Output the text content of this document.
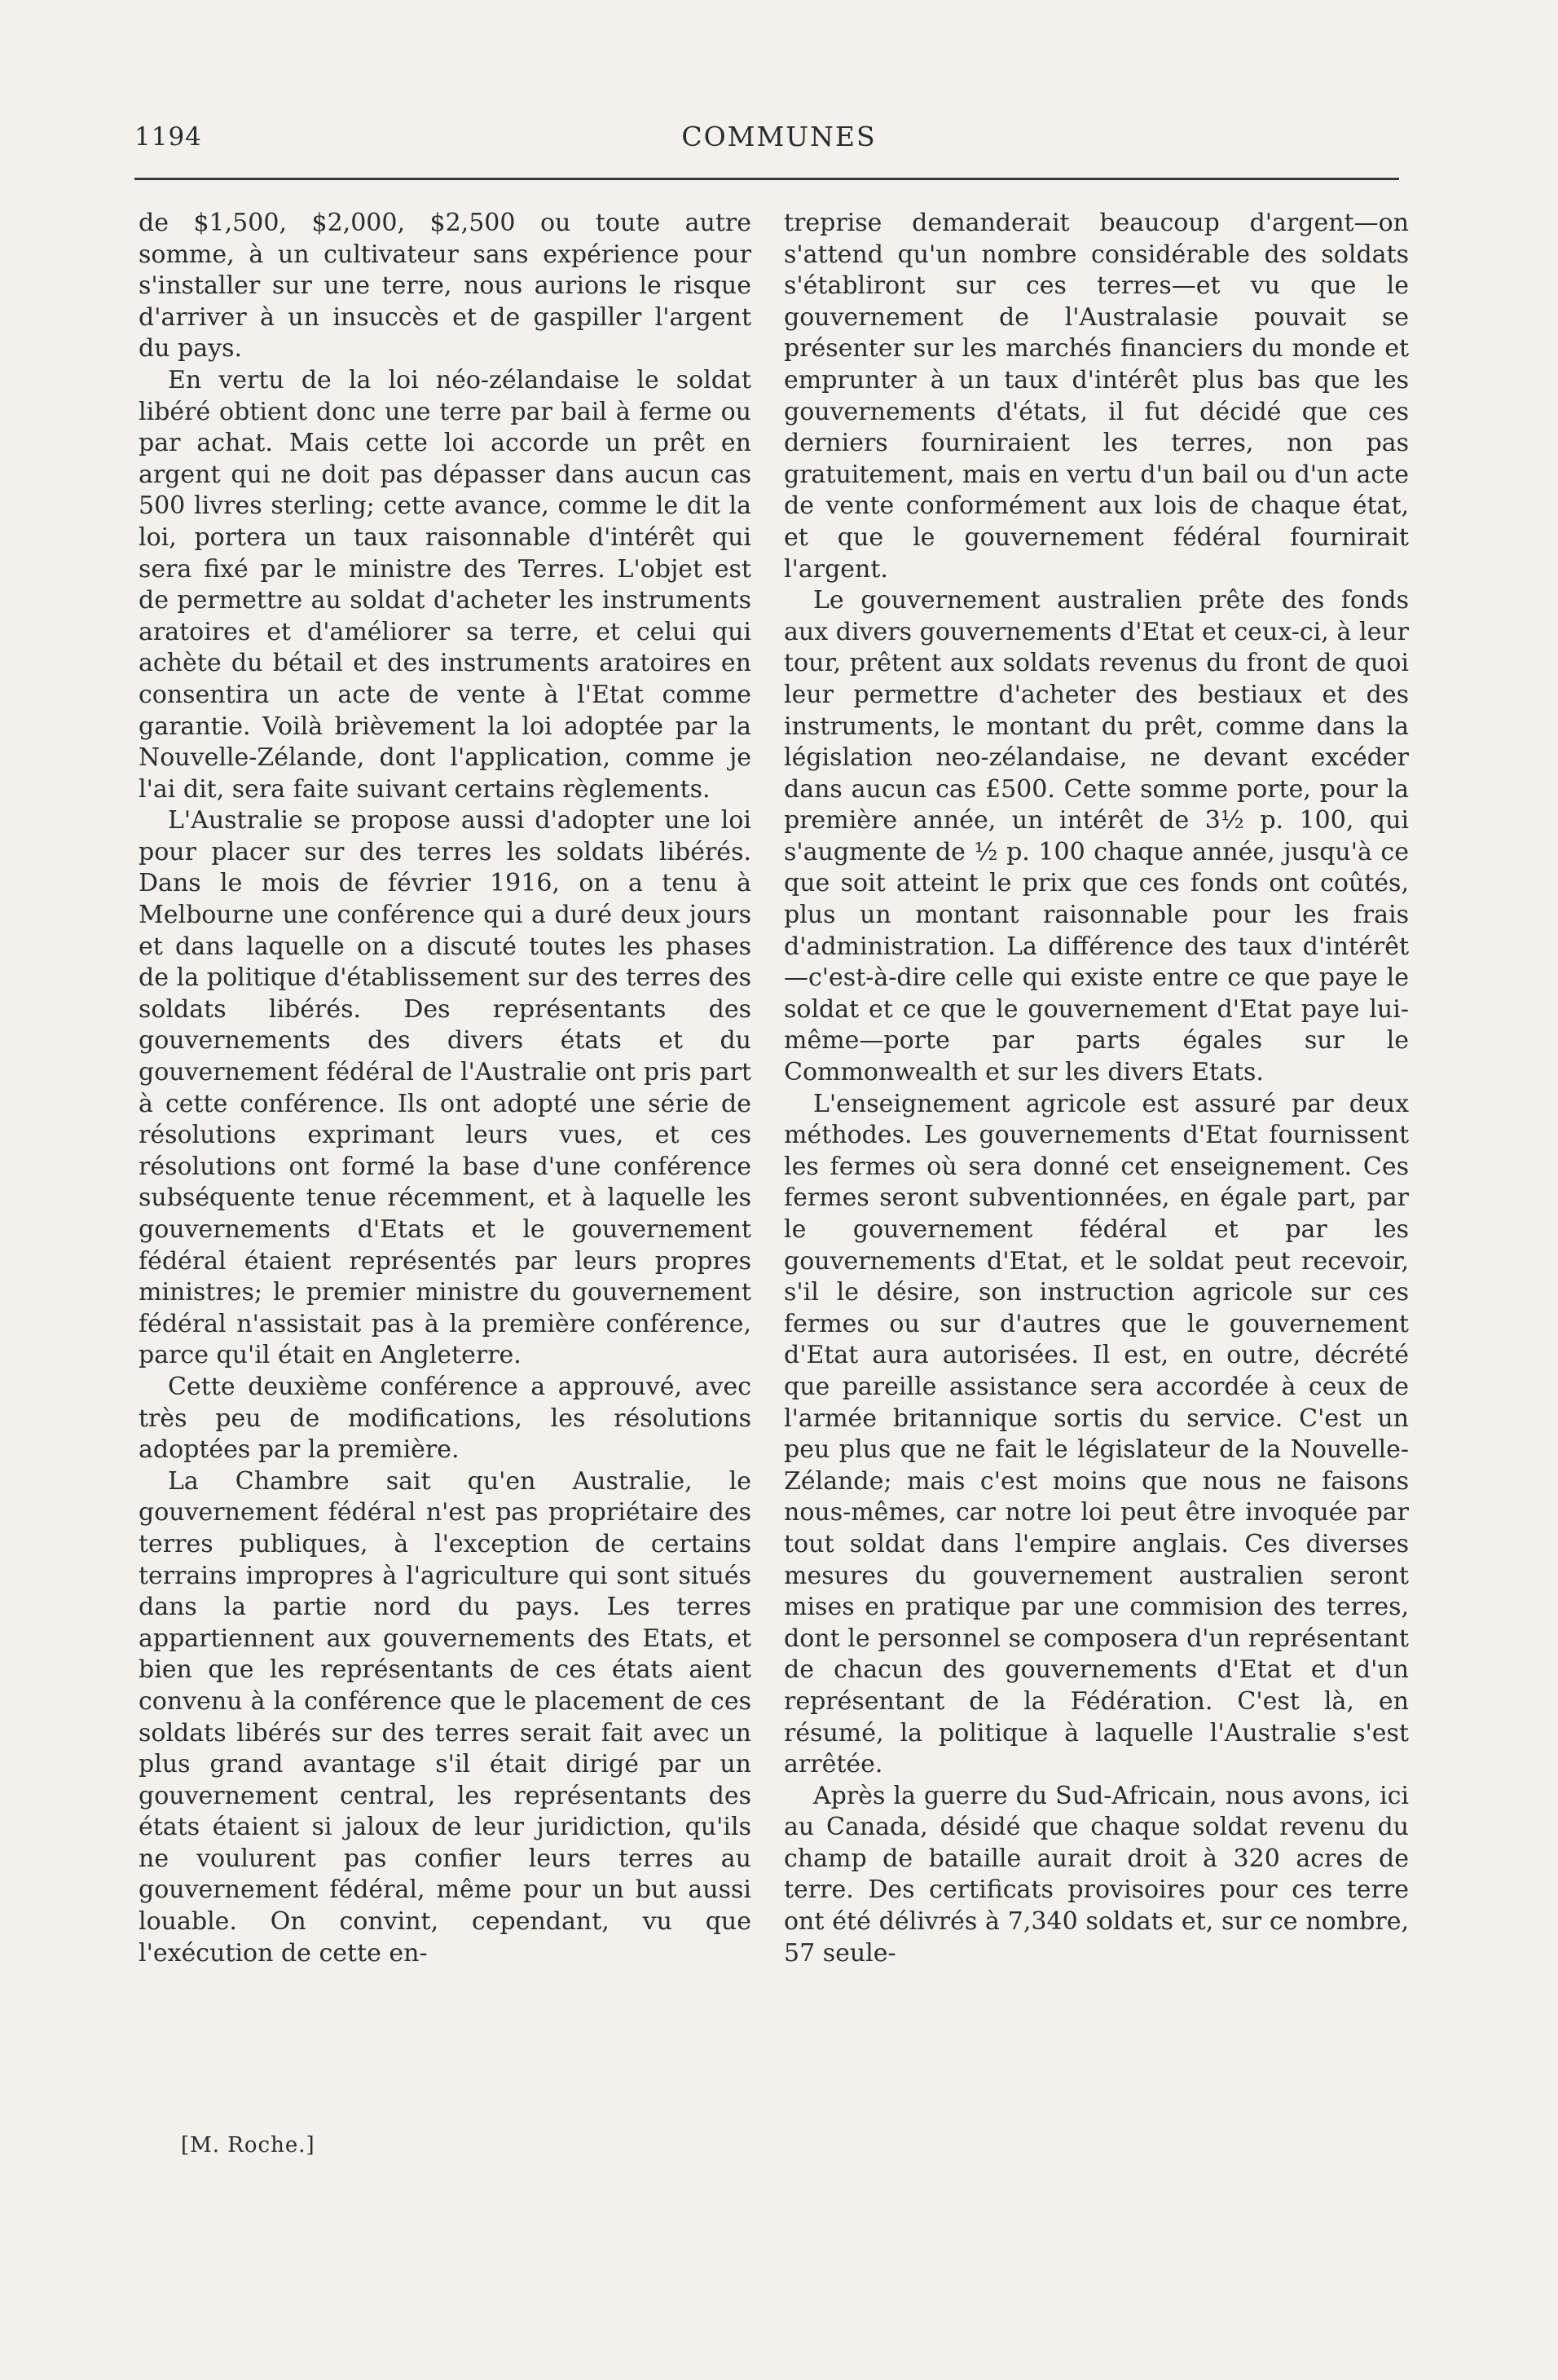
1194	COMMUNES

de $1,500, $2,000, $2,500 ou toute autre somme, à un cultivateur sans expérience pour s'installer sur une terre, nous aurions le risque d'arriver à un insuccès et de gaspiller l'argent du pays.

En vertu de la loi néo-zélandaise le soldat libéré obtient donc une terre par bail à ferme ou par achat. Mais cette loi accorde un prêt en argent qui ne doit pas dépasser dans aucun cas 500 livres sterling; cette avance, comme le dit la loi, portera un taux raisonnable d'intérêt qui sera fixé par le ministre des Terres. L'objet est de permettre au soldat d'acheter les instruments aratoires et d'améliorer sa terre, et celui qui achète du bétail et des instruments aratoires en consentira un acte de vente à l'Etat comme garantie. Voilà brièvement la loi adoptée par la Nouvelle-Zélande, dont l'application, comme je l'ai dit, sera faite suivant certains règlements.

L'Australie se propose aussi d'adopter une loi pour placer sur des terres les soldats libérés. Dans le mois de février 1916, on a tenu à Melbourne une conférence qui a duré deux jours et dans laquelle on a discuté toutes les phases de la politique d'établissement sur des terres des soldats libérés. Des représentants des gouvernements des divers états et du gouvernement fédéral de l'Australie ont pris part à cette conférence. Ils ont adopté une série de résolutions exprimant leurs vues, et ces résolutions ont formé la base d'une conférence subséquente tenue récemment, et à laquelle les gouvernements d'Etats et le gouvernement fédéral étaient représentés par leurs propres ministres; le premier ministre du gouvernement fédéral n'assistait pas à la première conférence, parce qu'il était en Angleterre.

Cette deuxième conférence a approuvé, avec très peu de modifications, les résolutions adoptées par la première.

La Chambre sait qu'en Australie, le gouvernement fédéral n'est pas propriétaire des terres publiques, à l'exception de certains terrains impropres à l'agriculture qui sont situés dans la partie nord du pays. Les terres appartiennent aux gouvernements des Etats, et bien que les représentants de ces états aient convenu à la conférence que le placement de ces soldats libérés sur des terres serait fait avec un plus grand avantage s'il était dirigé par un gouvernement central, les représentants des états étaient si jaloux de leur juridiction, qu'ils ne voulurent pas confier leurs terres au gouvernement fédéral, même pour un but aussi louable. On convint, cependant, vu que l'exécution de cette en-

[M. Roche.]

treprise demanderait beaucoup d'argent—on s'attend qu'un nombre considérable des soldats s'établiront sur ces terres—et vu que le gouvernement de l'Australasie pouvait se présenter sur les marchés financiers du monde et emprunter à un taux d'intérêt plus bas que les gouvernements d'états, il fut décidé que ces derniers fourniraient les terres, non pas gratuitement, mais en vertu d'un bail ou d'un acte de vente conformément aux lois de chaque état, et que le gouvernement fédéral fournirait l'argent.

Le gouvernement australien prête des fonds aux divers gouvernements d'Etat et ceux-ci, à leur tour, prêtent aux soldats revenus du front de quoi leur permettre d'acheter des bestiaux et des instruments, le montant du prêt, comme dans la législation neo-zélandaise, ne devant excéder dans aucun cas £500. Cette somme porte, pour la première année, un intérêt de 3½ p. 100, qui s'augmente de ½ p. 100 chaque année, jusqu'à ce que soit atteint le prix que ces fonds ont coûtés, plus un montant raisonnable pour les frais d'administration. La différence des taux d'intérêt—c'est-à-dire celle qui existe entre ce que paye le soldat et ce que le gouvernement d'Etat paye lui-même—porte par parts égales sur le Commonwealth et sur les divers Etats.

L'enseignement agricole est assuré par deux méthodes. Les gouvernements d'Etat fournissent les fermes où sera donné cet enseignement. Ces fermes seront subventionnées, en égale part, par le gouvernement fédéral et par les gouvernements d'Etat, et le soldat peut recevoir, s'il le désire, son instruction agricole sur ces fermes ou sur d'autres que le gouvernement d'Etat aura autorisées. Il est, en outre, décrété que pareille assistance sera accordée à ceux de l'armée britannique sortis du service. C'est un peu plus que ne fait le législateur de la Nouvelle-Zélande; mais c'est moins que nous ne faisons nous-mêmes, car notre loi peut être invoquée par tout soldat dans l'empire anglais. Ces diverses mesures du gouvernement australien seront mises en pratique par une commision des terres, dont le personnel se composera d'un représentant de chacun des gouvernements d'Etat et d'un représentant de la Fédération. C'est là, en résumé, la politique à laquelle l'Australie s'est arrêtée.

Après la guerre du Sud-Africain, nous avons, ici au Canada, désidé que chaque soldat revenu du champ de bataille aurait droit à 320 acres de terre. Des certificats provisoires pour ces terre ont été délivrés à 7,340 soldats et, sur ce nombre, 57 seule-
